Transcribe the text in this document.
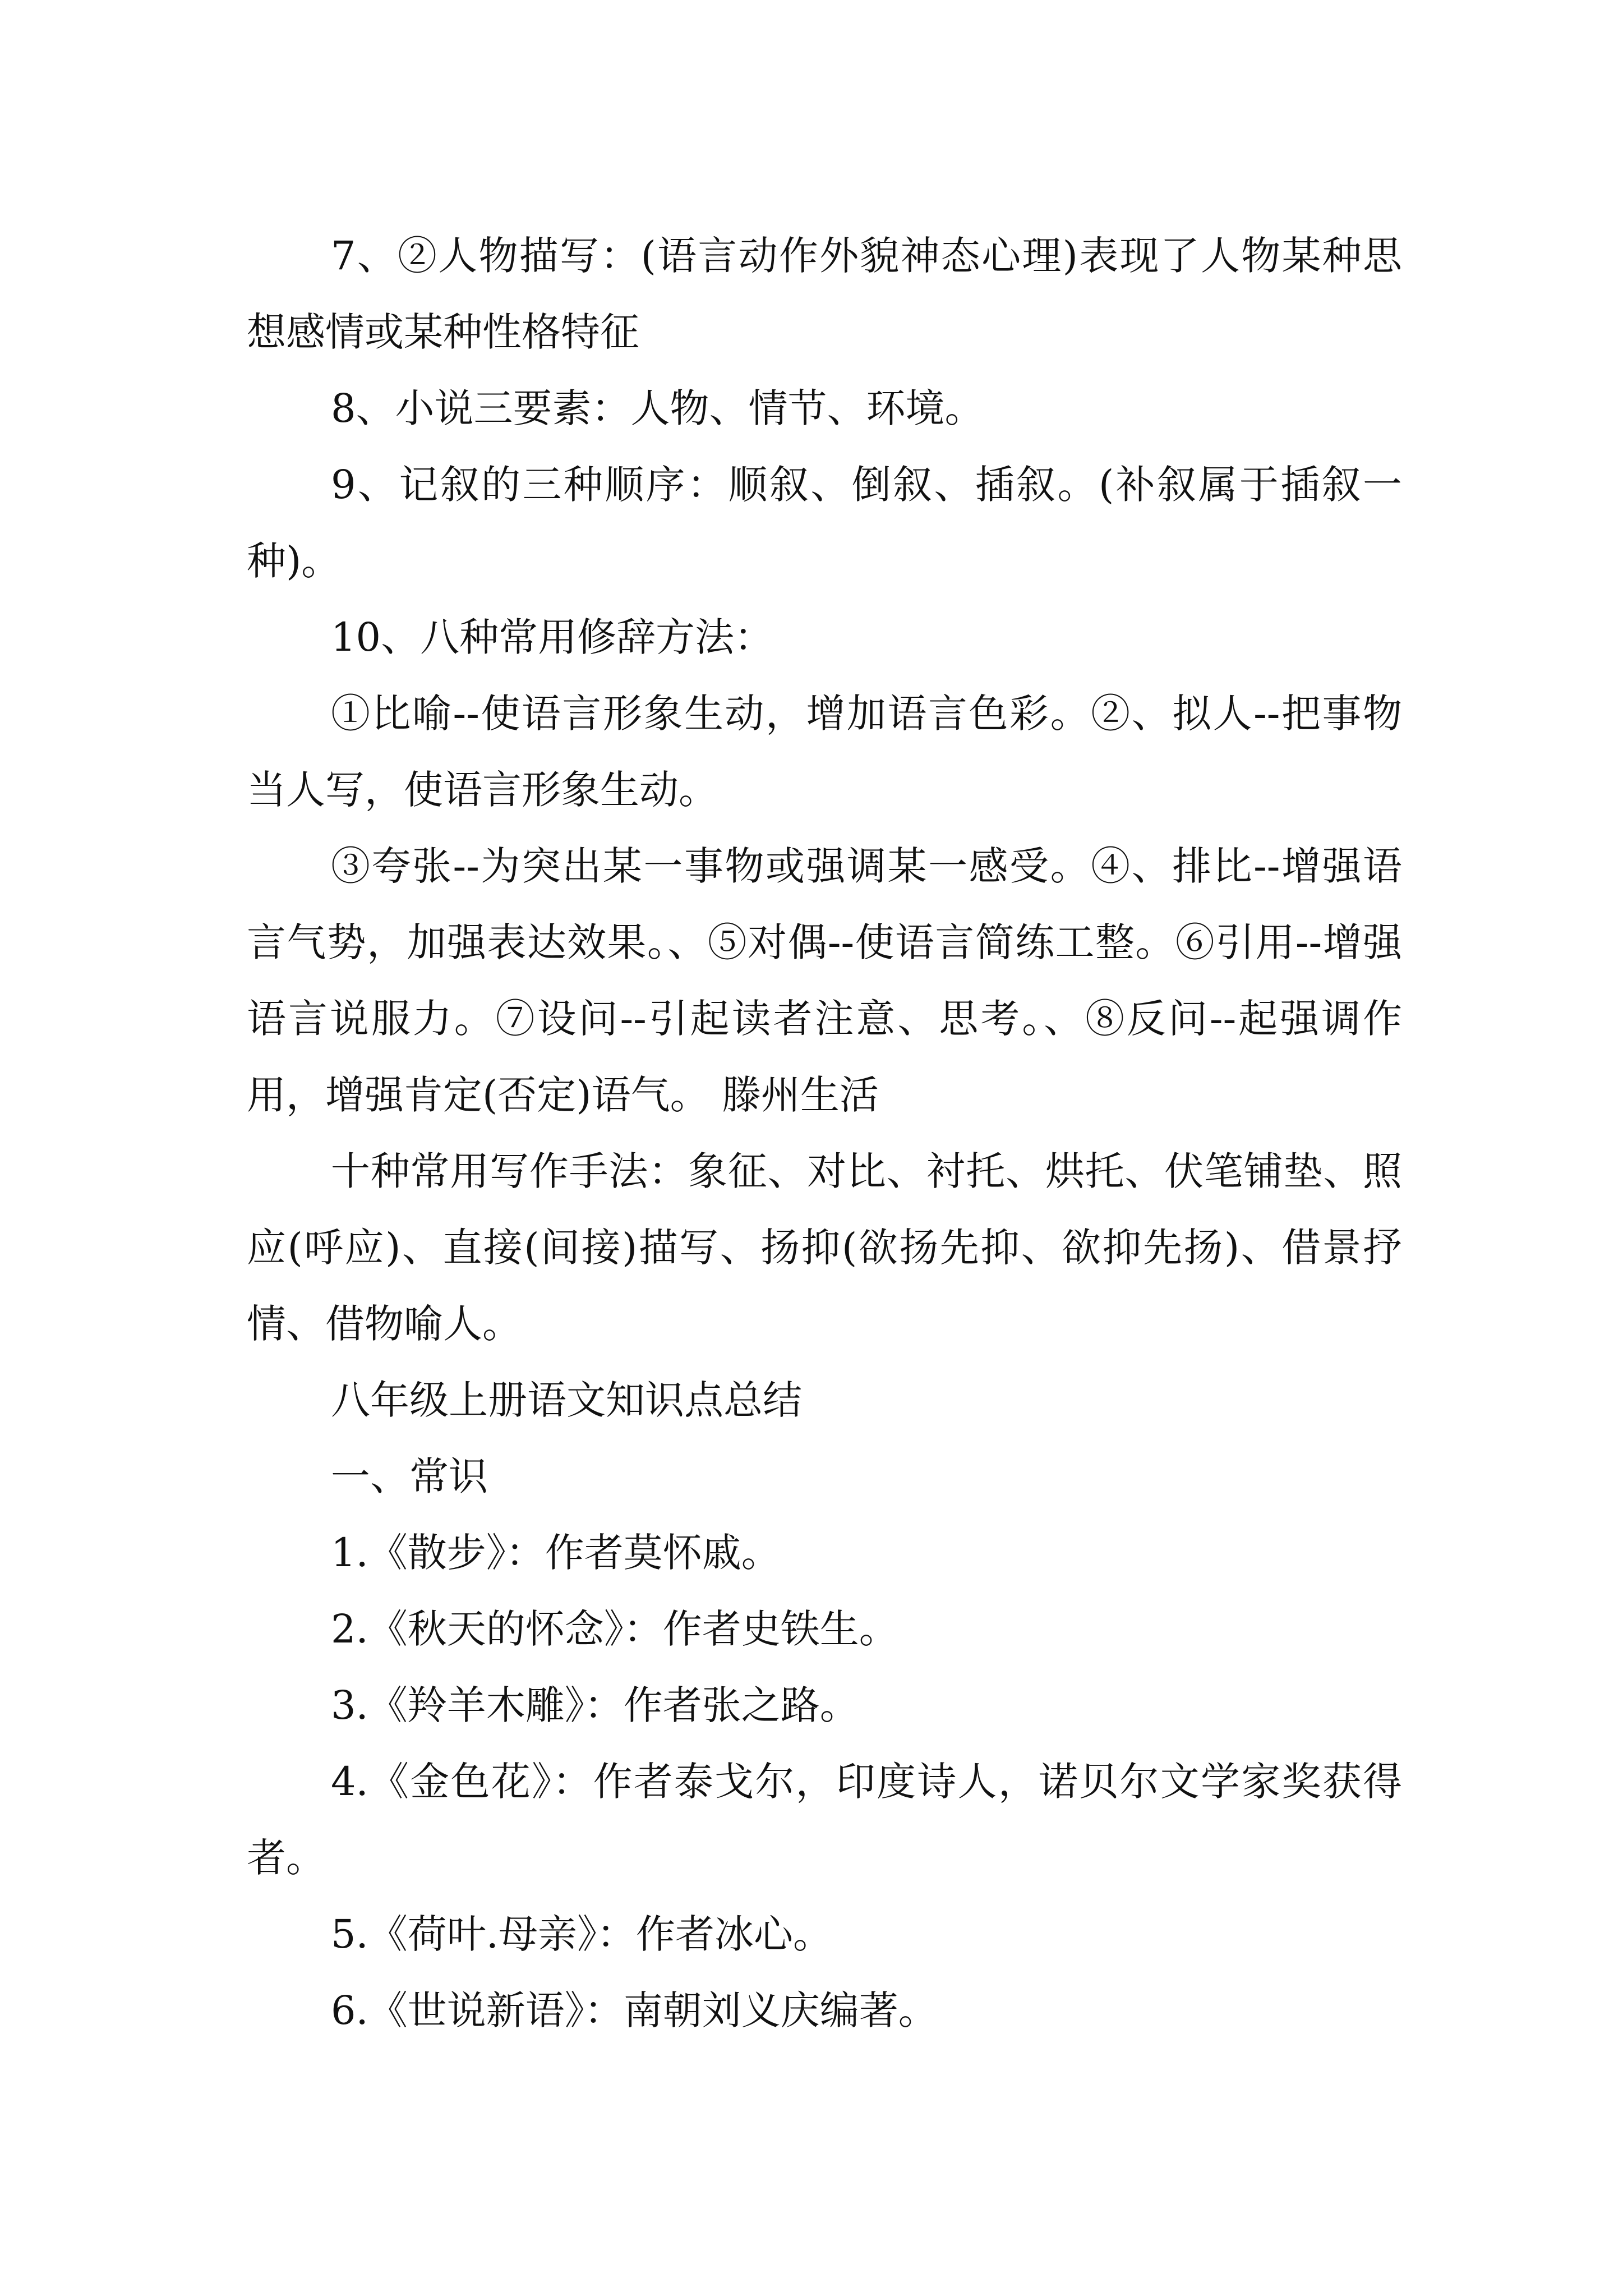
7、②人物描写：(语言动作外貌神态心理)表现了人物某种思想感情或某种性格特征

8、小说三要素：人物、情节、环境。

9、记叙的三种顺序：顺叙、倒叙、插叙。(补叙属于插叙一种)。

10、八种常用修辞方法：

①比喻--使语言形象生动，增加语言色彩。②、拟人--把事物当人写，使语言形象生动。

③夸张--为突出某一事物或强调某一感受。④、排比--增强语言气势，加强表达效果。、⑤对偶--使语言简练工整。⑥引用--增强语言说服力。⑦设问--引起读者注意、思考。、⑧反问--起强调作用，增强肯定(否定)语气。 滕州生活

十种常用写作手法：象征、对比、衬托、烘托、伏笔铺垫、照应(呼应)、直接(间接)描写、扬抑(欲扬先抑、欲抑先扬)、借景抒情、借物喻人。

八年级上册语文知识点总结

一、常识

1.《散步》：作者莫怀戚。

2.《秋天的怀念》：作者史铁生。

3.《羚羊木雕》：作者张之路。

4.《金色花》：作者泰戈尔，印度诗人，诺贝尔文学家奖获得者。

5.《荷叶.母亲》：作者冰心。

6.《世说新语》：南朝刘义庆编著。
